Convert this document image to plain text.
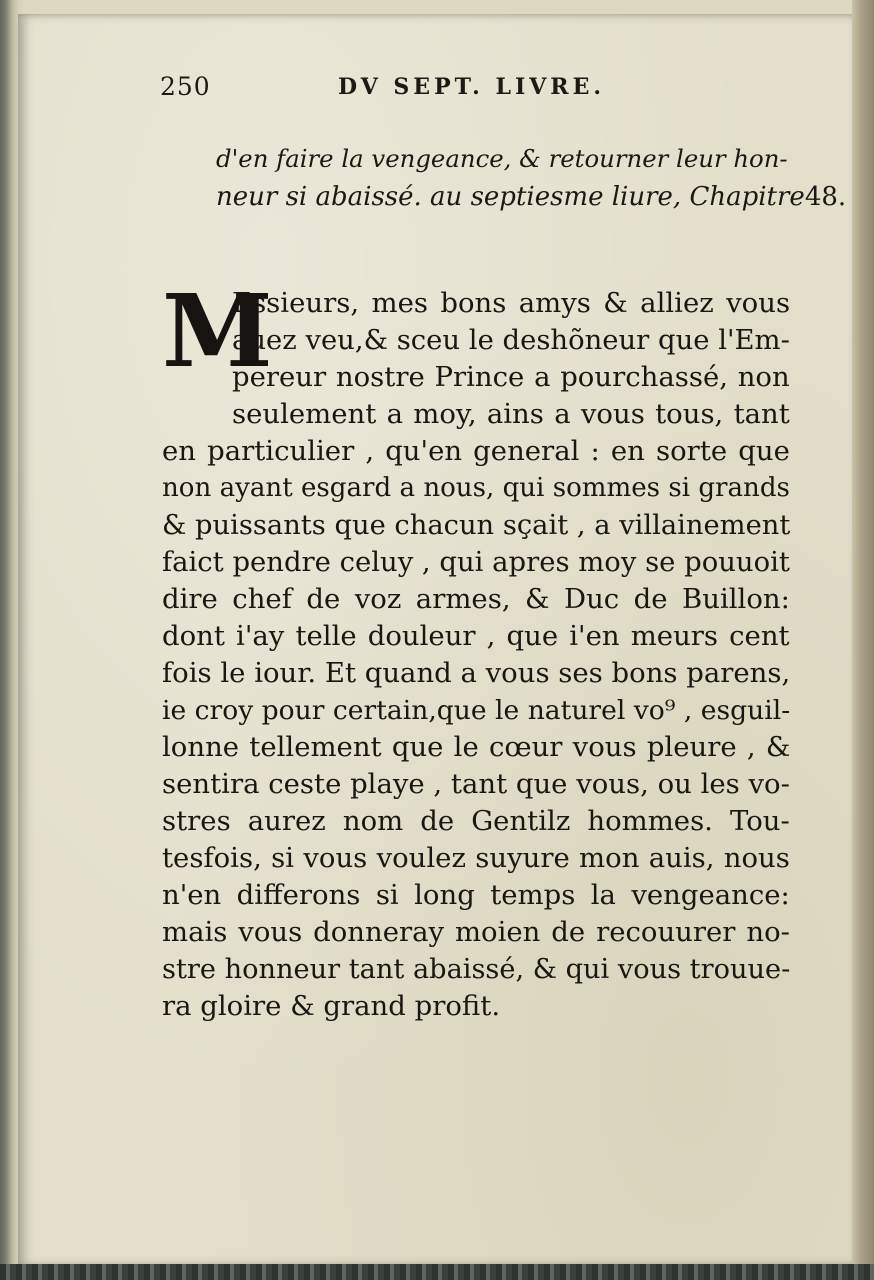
250	DV SEPT. LIVRE.
d'en faire la vengeance, & retourner leur hon-
neur si abaissé. au septiesme liure, Chapitre 48.
M
Essieurs, mes bons amys & alliez vous
auez veu,& sceu le deshõneur que l'Em-
pereur nostre Prince a pourchassé, non
seulement a moy, ains a vous tous, tant
en particulier , qu'en general : en sorte que
non ayant esgard a nous, qui sommes si grands
& puissants que chacun sçait , a villainement
faict pendre celuy , qui apres moy se pouuoit
dire chef de voz armes, & Duc de Buillon:
dont i'ay telle douleur , que i'en meurs cent
fois le iour. Et quand a vous ses bons parens,
ie croy pour certain,que le naturel vo⁹ , esguil-
lonne tellement que le cœur vous pleure , &
sentira ceste playe , tant que vous, ou les vo-
stres aurez nom de Gentilz hommes. Tou-
tesfois, si vous voulez suyure mon auis, nous
n'en differons si long temps la vengeance:
mais vous donneray moien de recouurer no-
stre honneur tant abaissé, & qui vous trouue-
ra gloire & grand profit.
